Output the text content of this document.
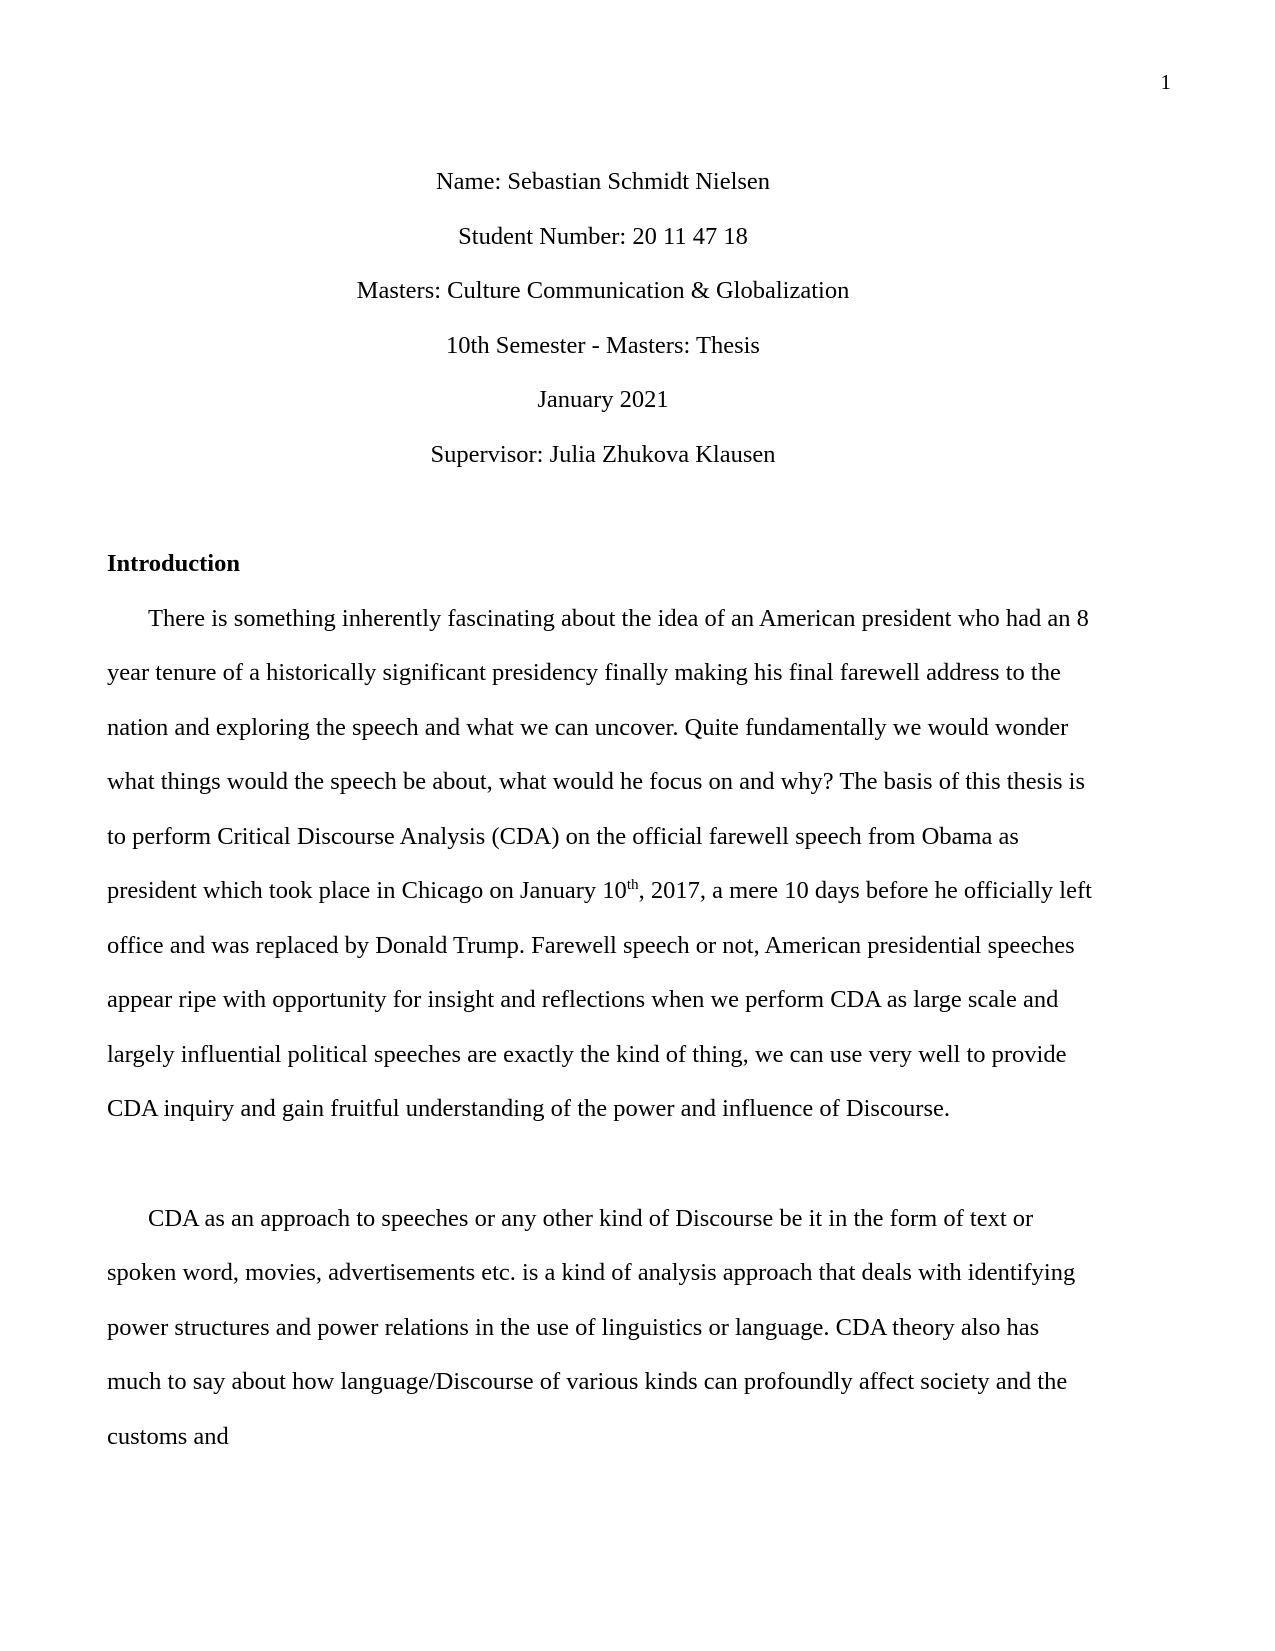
1
Name: Sebastian Schmidt Nielsen
Student Number: 20 11 47 18
Masters: Culture Communication & Globalization
10th Semester - Masters: Thesis
January 2021
Supervisor: Julia Zhukova Klausen
Introduction

There is something inherently fascinating about the idea of an American president who had an 8 year tenure of a historically significant presidency finally making his final farewell address to the nation and exploring the speech and what we can uncover. Quite fundamentally we would wonder what things would the speech be about, what would he focus on and why? The basis of this thesis is to perform Critical Discourse Analysis (CDA) on the official farewell speech from Obama as president which took place in Chicago on January 10th, 2017, a mere 10 days before he officially left office and was replaced by Donald Trump. Farewell speech or not, American presidential speeches appear ripe with opportunity for insight and reflections when we perform CDA as large scale and largely influential political speeches are exactly the kind of thing, we can use very well to provide CDA inquiry and gain fruitful understanding of the power and influence of Discourse.

CDA as an approach to speeches or any other kind of Discourse be it in the form of text or spoken word, movies, advertisements etc. is a kind of analysis approach that deals with identifying power structures and power relations in the use of linguistics or language. CDA theory also has much to say about how language/Discourse of various kinds can profoundly affect society and the customs and
